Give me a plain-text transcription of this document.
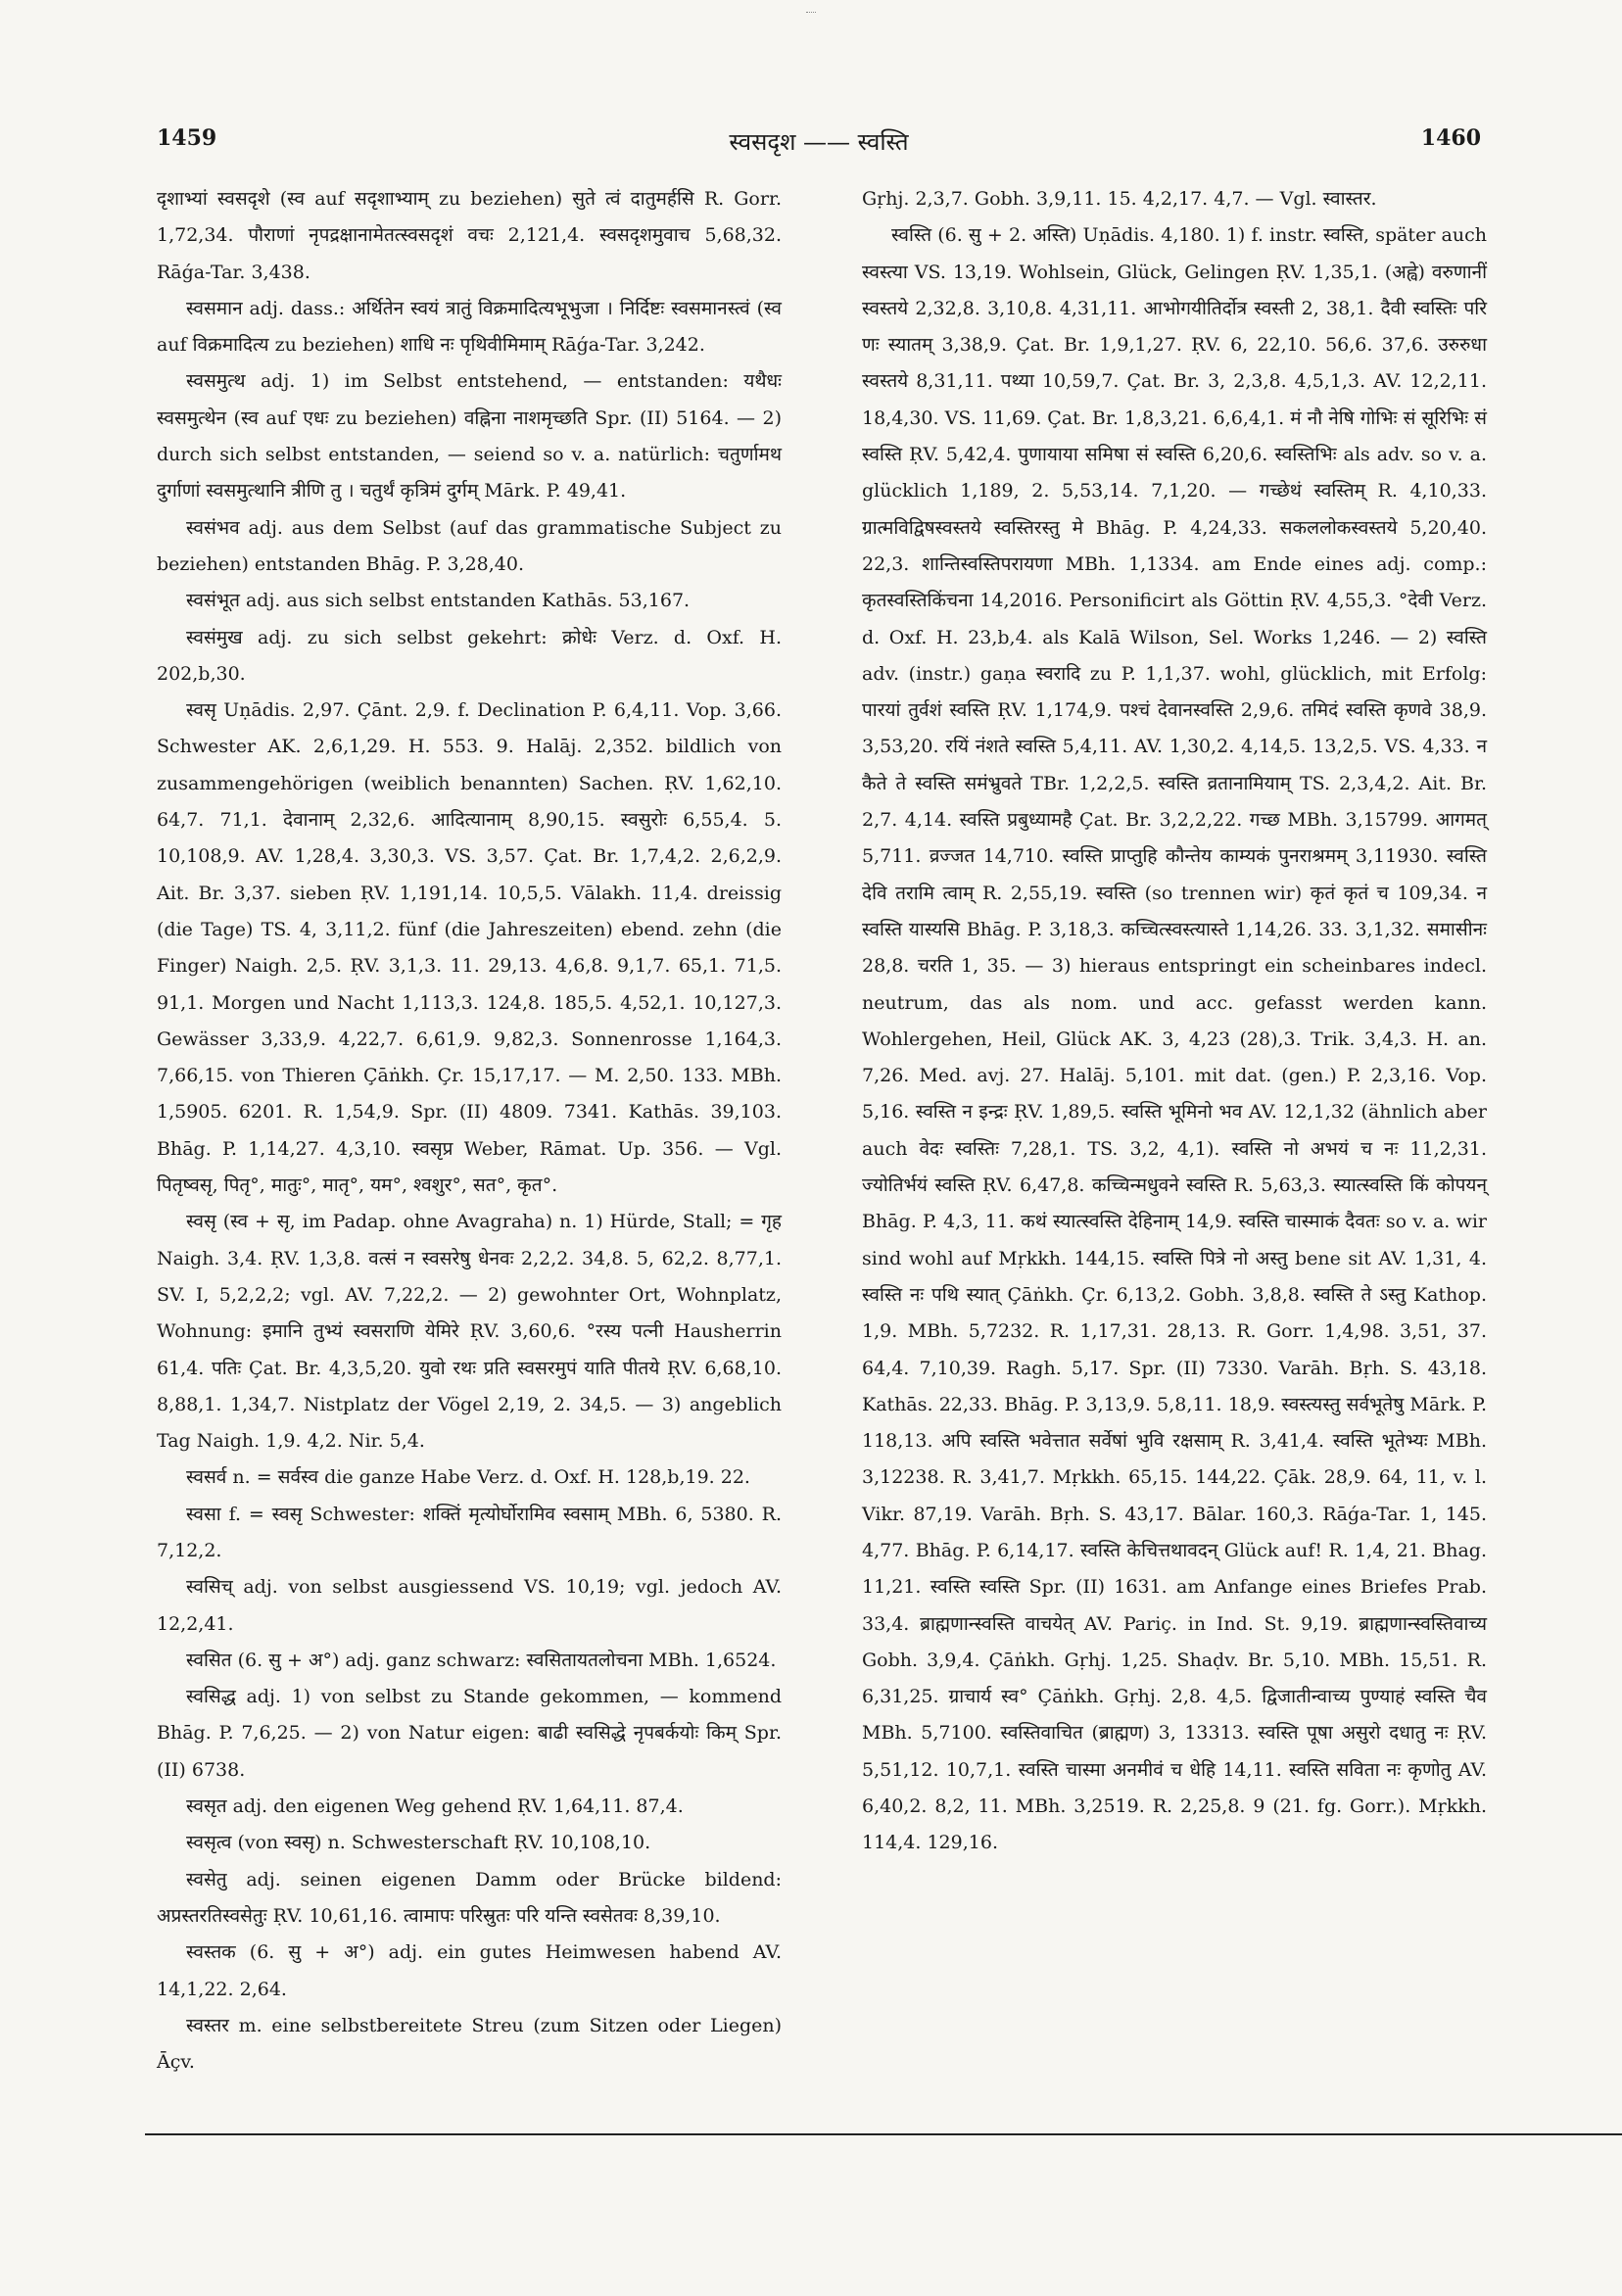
1459	स्वसदृश —— स्वस्ति	1460

दृशाभ्यां स्वसदृशे (स्व auf सदृशाभ्याम् zu beziehen) सुते त्वं दातुमर्हसि R. Gorr. 1,72,34. पौराणां नृपद्रक्षानामेतत्स्वसदृशं वचः 2,121,4. स्वसदृशमुवाच 5,68,32. Rāǵa-Tar. 3,438.

स्वसमान adj. dass.: अर्थितेन स्वयं त्रातुं विक्रमादित्यभूभुजा । निर्दिष्टः स्वसमानस्त्वं (स्व auf विक्रमादित्य zu beziehen) शाधि नः पृथिवीमिमाम् Rāǵa-Tar. 3,242.

स्वसमुत्थ adj. 1) im Selbst entstehend, — entstanden: यथैधः स्वसमुत्थेन (स्व auf एधः zu beziehen) वह्निना नाशमृच्छति Spr. (II) 5164. — 2) durch sich selbst entstanden, — seiend so v. a. natürlich: चतुर्णामथ दुर्गाणां स्वसमुत्थानि त्रीणि तु । चतुर्थं कृत्रिमं दुर्गम् Mārk. P. 49,41.

स्वसंभव adj. aus dem Selbst (auf das grammatische Subject zu beziehen) entstanden Bhāg. P. 3,28,40.

स्वसंभूत adj. aus sich selbst entstanden Kathās. 53,167.

स्वसंमुख adj. zu sich selbst gekehrt: क्रोधेः Verz. d. Oxf. H. 202,b,30.

स्वसृ Uṇādis. 2,97. Çānt. 2,9. f. Declination P. 6,4,11. Vop. 3,66. Schwester AK. 2,6,1,29. H. 553. 9. Halāj. 2,352. bildlich von zusammengehörigen (weiblich benannten) Sachen. ṚV. 1,62,10. 64,7. 71,1. देवानाम् 2,32,6. आदित्यानाम् 8,90,15. स्वसुरोः 6,55,4. 5. 10,108,9. AV. 1,28,4. 3,30,3. VS. 3,57. Çat. Br. 1,7,4,2. 2,6,2,9. Ait. Br. 3,37. sieben ṚV. 1,191,14. 10,5,5. Vālakh. 11,4. dreissig (die Tage) TS. 4, 3,11,2. fünf (die Jahreszeiten) ebend. zehn (die Finger) Naigh. 2,5. ṚV. 3,1,3. 11. 29,13. 4,6,8. 9,1,7. 65,1. 71,5. 91,1. Morgen und Nacht 1,113,3. 124,8. 185,5. 4,52,1. 10,127,3. Gewässer 3,33,9. 4,22,7. 6,61,9. 9,82,3. Sonnenrosse 1,164,3. 7,66,15. von Thieren Çāṅkh. Çr. 15,17,17. — M. 2,50. 133. MBh. 1,5905. 6201. R. 1,54,9. Spr. (II) 4809. 7341. Kathās. 39,103. Bhāg. P. 1,14,27. 4,3,10. स्वसृप्र Weber, Rāmat. Up. 356. — Vgl. पितृष्वसृ, पितृ°, मातुः°, मातृ°, यम°, श्वशुर°, सत°, कृत°.

स्वसृ (स्व + सृ, im Padap. ohne Avagraha) n. 1) Hürde, Stall; = गृह Naigh. 3,4. ṚV. 1,3,8. वत्सं न स्वसरेषु धेनवः 2,2,2. 34,8. 5, 62,2. 8,77,1. SV. I, 5,2,2,2; vgl. AV. 7,22,2. — 2) gewohnter Ort, Wohnplatz, Wohnung: इमानि तुभ्यं स्वसराणि येमिरे ṚV. 3,60,6. °रस्य पत्नी Hausherrin 61,4. पतिः Çat. Br. 4,3,5,20. युवो रथः प्रति स्वसरमुपं याति पीतये ṚV. 6,68,10. 8,88,1. 1,34,7. Nistplatz der Vögel 2,19, 2. 34,5. — 3) angeblich Tag Naigh. 1,9. 4,2. Nir. 5,4.

स्वसर्व n. = सर्वस्व die ganze Habe Verz. d. Oxf. H. 128,b,19. 22.

स्वसा f. = स्वसृ Schwester: शक्तिं मृत्योर्घोरामिव स्वसाम् MBh. 6, 5380. R. 7,12,2.

स्वसिच् adj. von selbst ausgiessend VS. 10,19; vgl. jedoch AV. 12,2,41.

स्वसित (6. सु + अ°) adj. ganz schwarz: स्वसितायतलोचना MBh. 1,6524.

स्वसिद्ध adj. 1) von selbst zu Stande gekommen, — kommend Bhāg. P. 7,6,25. — 2) von Natur eigen: बाढी स्वसिद्धे नृपबर्कयोः किम् Spr. (II) 6738.

स्वसृत adj. den eigenen Weg gehend ṚV. 1,64,11. 87,4.

स्वसृत्व (von स्वसृ) n. Schwesterschaft ṚV. 10,108,10.

स्वसेतु adj. seinen eigenen Damm oder Brücke bildend: अप्रस्तरतिस्वसेतुः ṚV. 10,61,16. त्वामापः परिस्रुतः परि यन्ति स्वसेतवः 8,39,10.

स्वस्तक (6. सु + अ°) adj. ein gutes Heimwesen habend AV. 14,1,22. 2,64.

स्वस्तर m. eine selbstbereitete Streu (zum Sitzen oder Liegen) Āçv.

Gṛhj. 2,3,7. Gobh. 3,9,11. 15. 4,2,17. 4,7. — Vgl. स्वास्तर.

स्वस्ति (6. सु + 2. अस्ति) Uṇādis. 4,180. 1) f. instr. स्वस्ति, später auch स्वस्त्या VS. 13,19. Wohlsein, Glück, Gelingen ṚV. 1,35,1. (अह्वे) वरुणानीं स्वस्तये 2,32,8. 3,10,8. 4,31,11. आभोगयीतिर्दोत्र स्वस्ती 2, 38,1. दैवी स्वस्तिः परि णः स्यातम् 3,38,9. Çat. Br. 1,9,1,27. ṚV. 6, 22,10. 56,6. 37,6. उरुरुधा स्वस्तये 8,31,11. पथ्या 10,59,7. Çat. Br. 3, 2,3,8. 4,5,1,3. AV. 12,2,11. 18,4,30. VS. 11,69. Çat. Br. 1,8,3,21. 6,6,4,1. मं नौ नेषि गोभिः सं सूरिभिः सं स्वस्ति ṚV. 5,42,4. पुणायाया समिषा सं स्वस्ति 6,20,6. स्वस्तिभिः als adv. so v. a. glücklich 1,189, 2. 5,53,14. 7,1,20. — गच्छेथं स्वस्तिम् R. 4,10,33. ग्रात्मविद्विषस्वस्तये स्वस्तिरस्तु मे Bhāg. P. 4,24,33. सकललोकस्वस्तये 5,20,40. 22,3. शान्तिस्वस्तिपरायणा MBh. 1,1334. am Ende eines adj. comp.: कृतस्वस्तिकिंचना 14,2016. Personificirt als Göttin ṚV. 4,55,3. °देवी Verz. d. Oxf. H. 23,b,4. als Kalā Wilson, Sel. Works 1,246. — 2) स्वस्ति adv. (instr.) gaṇa स्वरादि zu P. 1,1,37. wohl, glücklich, mit Erfolg: पारयां तुर्वशं स्वस्ति ṚV. 1,174,9. पश्चं देवानस्वस्ति 2,9,6. तमिदं स्वस्ति कृणवे 38,9. 3,53,20. रयिं नंशते स्वस्ति 5,4,11. AV. 1,30,2. 4,14,5. 13,2,5. VS. 4,33. न कैते ते स्वस्ति समंभ्रुवते TBr. 1,2,2,5. स्वस्ति व्रतानामियाम् TS. 2,3,4,2. Ait. Br. 2,7. 4,14. स्वस्ति प्रबुध्यामहै Çat. Br. 3,2,2,22. गच्छ MBh. 3,15799. आगमत् 5,711. व्रज्जत 14,710. स्वस्ति प्राप्तुहि कौन्तेय काम्यकं पुनराश्रमम् 3,11930. स्वस्ति देवि तरामि त्वाम् R. 2,55,19. स्वस्ति (so trennen wir) कृतं कृतं च 109,34. न स्वस्ति यास्यसि Bhāg. P. 3,18,3. कच्चित्स्वस्त्यास्ते 1,14,26. 33. 3,1,32. समासीनः 28,8. चरति 1, 35. — 3) hieraus entspringt ein scheinbares indecl. neutrum, das als nom. und acc. gefasst werden kann. Wohlergehen, Heil, Glück AK. 3, 4,23 (28),3. Trik. 3,4,3. H. an. 7,26. Med. avj. 27. Halāj. 5,101. mit dat. (gen.) P. 2,3,16. Vop. 5,16. स्वस्ति न इन्द्रः ṚV. 1,89,5. स्वस्ति भूमिनो भव AV. 12,1,32 (ähnlich aber auch वेदः स्वस्तिः 7,28,1. TS. 3,2, 4,1). स्वस्ति नो अभयं च नः 11,2,31. ज्योतिर्भयं स्वस्ति ṚV. 6,47,8. कच्चिन्मधुवने स्वस्ति R. 5,63,3. स्यात्स्वस्ति किं कोपयन् Bhāg. P. 4,3, 11. कथं स्यात्स्वस्ति देहिनाम् 14,9. स्वस्ति चास्माकं दैवतः so v. a. wir sind wohl auf Mṛkkh. 144,15. स्वस्ति पित्रे नो अस्तु bene sit AV. 1,31, 4. स्वस्ति नः पथि स्यात् Çāṅkh. Çr. 6,13,2. Gobh. 3,8,8. स्वस्ति ते ऽस्तु Kathop. 1,9. MBh. 5,7232. R. 1,17,31. 28,13. R. Gorr. 1,4,98. 3,51, 37. 64,4. 7,10,39. Ragh. 5,17. Spr. (II) 7330. Varāh. Bṛh. S. 43,18. Kathās. 22,33. Bhāg. P. 3,13,9. 5,8,11. 18,9. स्वस्त्यस्तु सर्वभूतेषु Mārk. P. 118,13. अपि स्वस्ति भवेत्तात सर्वेषां भुवि रक्षसाम् R. 3,41,4. स्वस्ति भूतेभ्यः MBh. 3,12238. R. 3,41,7. Mṛkkh. 65,15. 144,22. Çāk. 28,9. 64, 11, v. l. Vikr. 87,19. Varāh. Bṛh. S. 43,17. Bālar. 160,3. Rāǵa-Tar. 1, 145. 4,77. Bhāg. P. 6,14,17. स्वस्ति केचित्तथावदन् Glück auf! R. 1,4, 21. Bhag. 11,21. स्वस्ति स्वस्ति Spr. (II) 1631. am Anfange eines Briefes Prab. 33,4. ब्राह्मणान्स्वस्ति वाचयेत् AV. Pariç. in Ind. St. 9,19. ब्राह्मणान्स्वस्तिवाच्य Gobh. 3,9,4. Çāṅkh. Gṛhj. 1,25. Shaḍv. Br. 5,10. MBh. 15,51. R. 6,31,25. ग्राचार्य स्व° Çāṅkh. Gṛhj. 2,8. 4,5. द्विजातीन्वाच्य पुण्याहं स्वस्ति चैव MBh. 5,7100. स्वस्तिवाचित (ब्राह्मण) 3, 13313. स्वस्ति पूषा असुरो दधातु नः ṚV. 5,51,12. 10,7,1. स्वस्ति चास्मा अनमीवं च धेहि 14,11. स्वस्ति सविता नः कृणोतु AV. 6,40,2. 8,2, 11. MBh. 3,2519. R. 2,25,8. 9 (21. fg. Gorr.). Mṛkkh. 114,4. 129,16.
